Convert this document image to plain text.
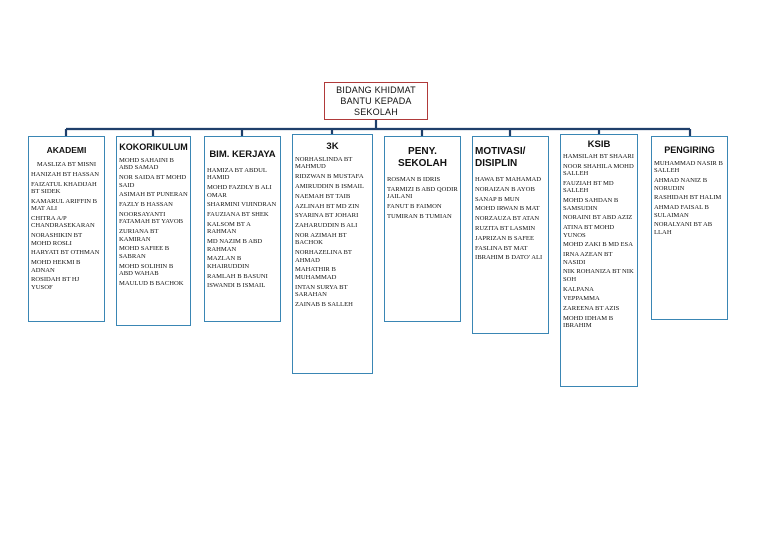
BIDANG KHIDMAT
BANTU KEPADA
SEKOLAH
AKADEMI
MASLIZA BT MISNI
HANIZAH BT HASSAN
FAIZATUL KHADIJAH BT SIDEK
KAMARUL ARIFFIN B MAT ALI
CHITRA A/P CHANDRASEKARAN
NORASHIKIN BT MOHD ROSLI
HARYATI BT OTHMAN
MOHD HEKMI B ADNAN
ROSIDAH BT HJ YUSOF
KOKORIKULUM
MOHD SAHAINI B ABD SAMAD
NOR SAIDA BT MOHD SAID
ASIMAH BT PUNERAN
FAZLY B HASSAN
NOORSAYANTI FATAMAH BT YAVOB
ZURIANA BT KAMIRAN
MOHD SAFIEE B SABRAN
MOHD SOLIHIN B ABD WAHAB
MAULUD B BACHOK
BIM. KERJAYA
HAMIZA BT ABDUL HAMID
MOHD FAZDLY B ALI OMAR
SHARMINI VIJINDRAN
FAUZIANA BT SHEK
KALSOM BT A RAHMAN
MD NAZIM B ABD RAHMAN
MAZLAN B KHAIRUDDIN
RAMLAH B BASUNI
ISWANDI B ISMAIL
3K
NORHASLINDA BT MAHMUD
RIDZWAN B MUSTAFA
AMIRUDDIN B ISMAIL
NAEMAH BT TAIB
AZLINAH BT MD ZIN
SYARINA BT JOHARI
ZAHARUDDIN B ALI
NOR AZIMAH BT BACHOK
NORHAZELINA BT AHMAD
MAHATHIR B MUHAMMAD
INTAN SURYA BT SARAHAN
ZAINAB B SALLEH
PENY. SEKOLAH
ROSMAN B IDRIS
TARMIZI B ABD QODIR JAILANI
FANUT B FAIMON
TUMIRAN B TUMIAN
MOTIVASI/ DISIPLIN
HAWA BT MAHAMAD
NORAIZAN B AYOB
SANAP B MUN
MOHD IRWAN B MAT
NORZAUZA BT ATAN
RUZITA BT LASMIN
JAPRIZAN B SAFEE
FASLINA BT MAT
IBRAHIM B DATO' ALI
KSIB
HAMSILAH BT SHAARI
NOOR SHAHILA MOHD SALLEH
FAUZIAH BT MD SALLEH
MOHD SAHDAN B SAMSUDIN
NORAINI BT ABD AZIZ
ATINA BT MOHD YUNOS
MOHD ZAKI B MD ESA
IRNA AZEAN BT NASIDI
NIK ROHANIZA BT NIK SOH
KALPANA
VEPPAMMA
ZAREENA BT AZIS
MOHD IDHAM B IBRAHIM
PENGIRING
MUHAMMAD NASIR B SALLEH
AHMAD NANIZ B NORUDIN
RASHIDAH BT HALIM
AHMAD FAISAL B SULAIMAN
NORALYANI BT AB LLAH
